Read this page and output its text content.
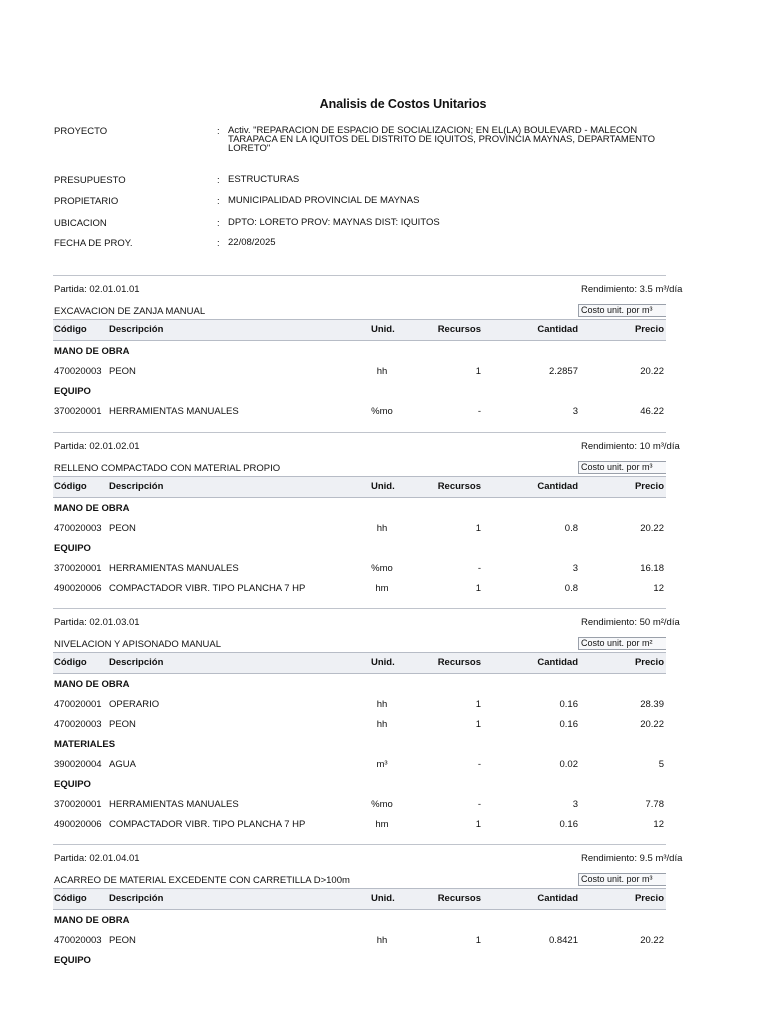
Analisis de Costos Unitarios
PROYECTO	: Activ. "REPARACION DE ESPACIO DE SOCIALIZACION; EN EL(LA) BOULEVARD - MALECON TARAPACA EN LA IQUITOS DEL DISTRITO DE IQUITOS, PROVINCIA MAYNAS, DEPARTAMENTO LORETO"
PRESUPUESTO	: ESTRUCTURAS
PROPIETARIO	: MUNICIPALIDAD PROVINCIAL DE MAYNAS
UBICACION	: DPTO: LORETO PROV: MAYNAS DIST: IQUITOS
FECHA DE PROY.	: 22/08/2025
Partida: 02.01.01.01	Rendimiento: 3.5 m³/día
EXCAVACION DE ZANJA MANUAL	Costo unit. por m³
Código Descripción	Unid.	Recursos	Cantidad	Precio
MANO DE OBRA
470020003 PEON	hh	1	2.2857	20.22
EQUIPO
370020001 HERRAMIENTAS MANUALES	%mo	-	3	46.22
Partida: 02.01.02.01	Rendimiento: 10 m³/día
RELLENO COMPACTADO CON MATERIAL PROPIO	Costo unit. por m³
Código Descripción	Unid.	Recursos	Cantidad	Precio
MANO DE OBRA
470020003 PEON	hh	1	0.8	20.22
EQUIPO
370020001 HERRAMIENTAS MANUALES	%mo	-	3	16.18
490020006 COMPACTADOR VIBR. TIPO PLANCHA 7 HP	hm	1	0.8	12
Partida: 02.01.03.01	Rendimiento: 50 m²/día
NIVELACION Y APISONADO MANUAL	Costo unit. por m²
Código Descripción	Unid.	Recursos	Cantidad	Precio
MANO DE OBRA
470020001 OPERARIO	hh	1	0.16	28.39
470020003 PEON	hh	1	0.16	20.22
MATERIALES
390020004 AGUA	m³	-	0.02	5
EQUIPO
370020001 HERRAMIENTAS MANUALES	%mo	-	3	7.78
490020006 COMPACTADOR VIBR. TIPO PLANCHA 7 HP	hm	1	0.16	12
Partida: 02.01.04.01	Rendimiento: 9.5 m³/día
ACARREO DE MATERIAL EXCEDENTE CON CARRETILLA D>100m	Costo unit. por m³
Código Descripción	Unid.	Recursos	Cantidad	Precio
MANO DE OBRA
470020003 PEON	hh	1	0.8421	20.22
EQUIPO
